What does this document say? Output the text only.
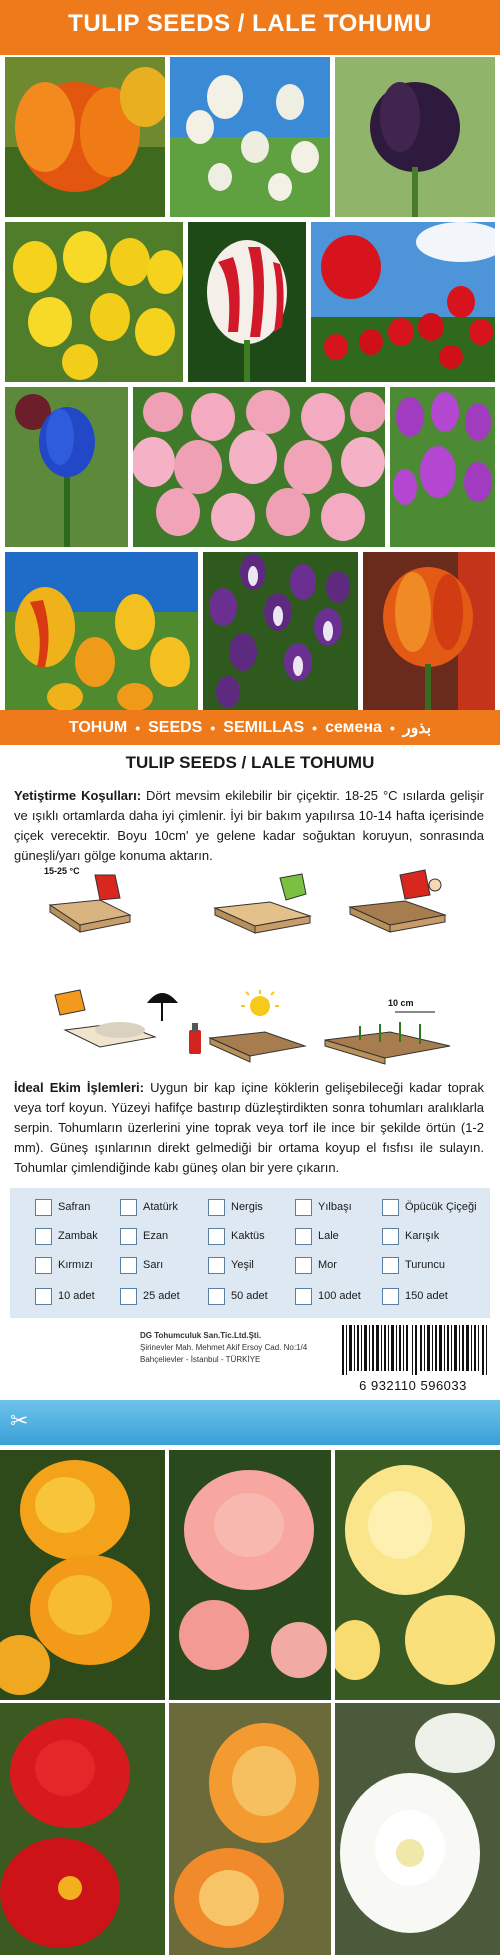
TULIP SEEDS / LALE TOHUMU
TOHUM • SEEDS • SEMILLAS • семена • بذور
TULIP SEEDS / LALE TOHUMU
Yetiştirme Koşulları: Dört mevsim ekilebilir bir çiçektir. 18-25 °C ısılarda gelişir ve ışıklı ortamlarda daha iyi çimlenir. İyi bir bakım yapılırsa 10-14 hafta içerisinde çiçek verecektir. Boyu 10cm' ye gelene kadar soğuktan koruyun, sonrasında güneşli/yarı gölge konuma aktarın.
15-25 °C
10 cm
İdeal Ekim İşlemleri: Uygun bir kap içine köklerin gelişebileceği kadar toprak veya torf koyun. Yüzeyi hafifçe bastırıp düzleştirdikten sonra tohumları aralıklarla serpin. Tohumların üzerlerini yine toprak veya torf ile ince bir şekilde örtün (1-2 mm). Güneş ışınlarının direkt gelmediği bir ortama koyup el fısfısı ile sulayın. Tohumlar çimlendiğinde kabı güneş olan bir yere çıkarın.
Safran	Atatürk	Nergis	Yılbaşı	Öpücük Çiçeği
Zambak	Ezan	Kaktüs	Lale	Karışık
Kırmızı	Sarı	Yeşil	Mor	Turuncu
10 adet	25 adet	50 adet	100 adet	150 adet
DG Tohumculuk San.Tic.Ltd.Şti.
Şirinevler Mah. Mehmet Akif Ersoy Cad. No:1/4
Bahçelievler - İstanbul - TÜRKİYE
6 932110 596033
✂
